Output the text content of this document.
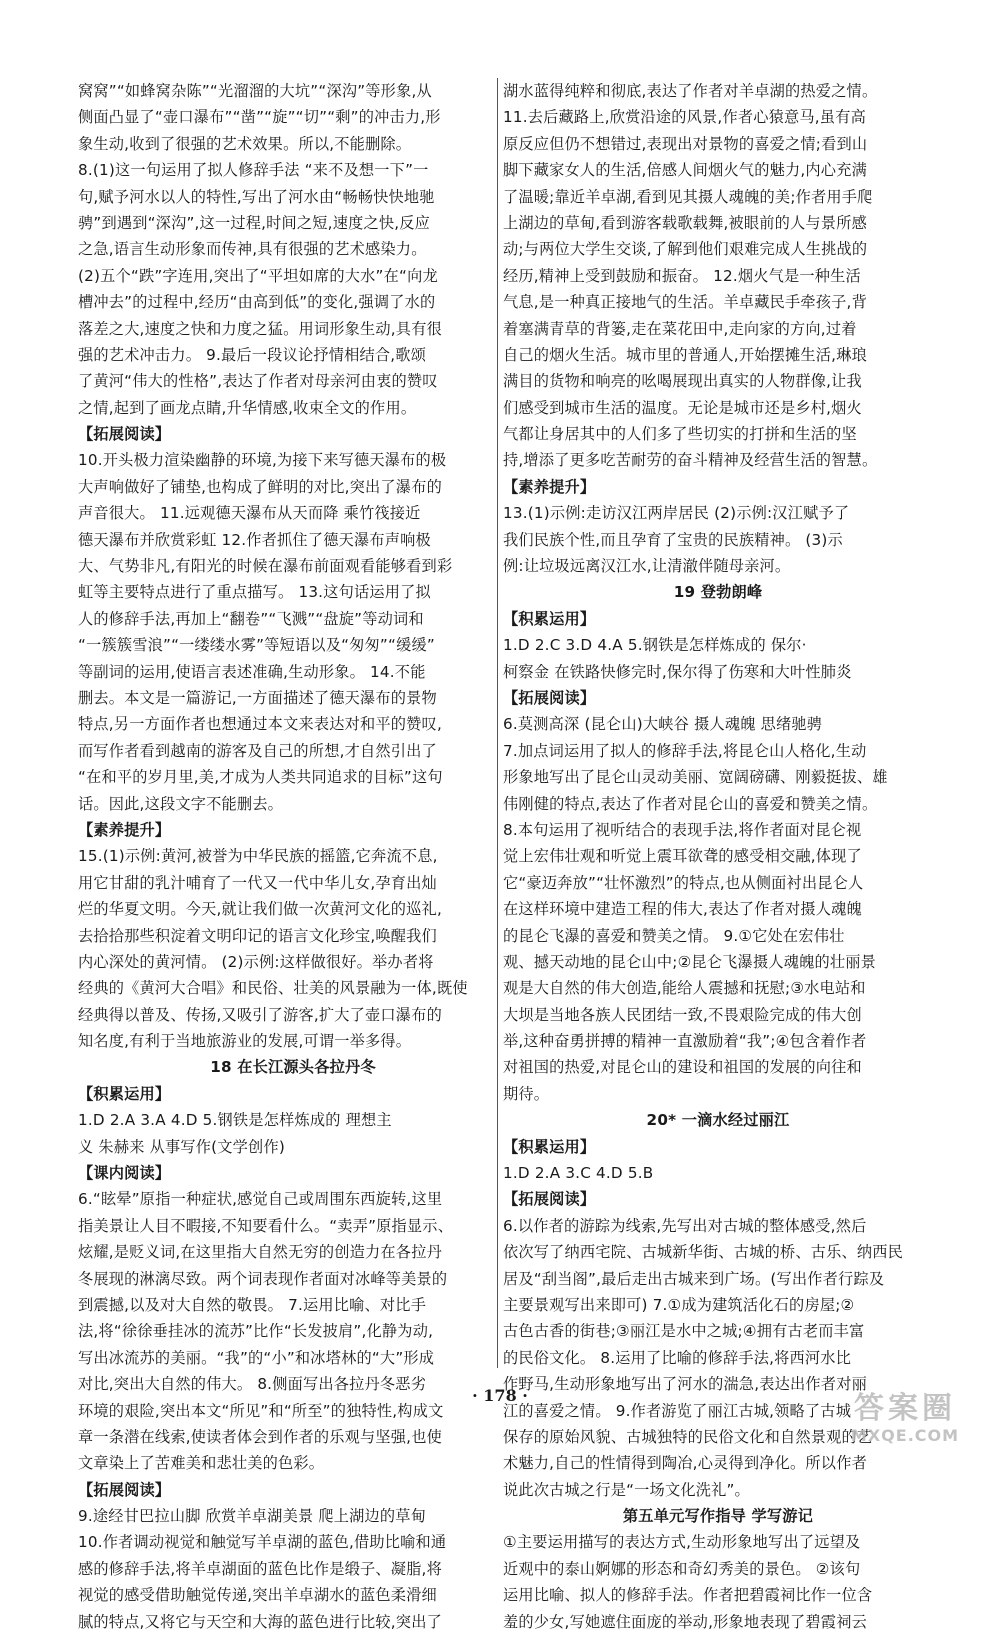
窝窝”“如蜂窝杂陈”“光溜溜的大坑”“深沟”等形象,从
侧面凸显了“壶口瀑布”“凿”“旋”“切”“剩”的冲击力,形
象生动,收到了很强的艺术效果。所以,不能删除。
8.(1)这一句运用了拟人修辞手法 “来不及想一下”一
句,赋予河水以人的特性,写出了河水由“畅畅快快地驰
骋”到遇到“深沟”,这一过程,时间之短,速度之快,反应
之急,语言生动形象而传神,具有很强的艺术感染力。
(2)五个“跌”字连用,突出了“平坦如席的大水”在“向龙
槽冲去”的过程中,经历“由高到低”的变化,强调了水的
落差之大,速度之快和力度之猛。用词形象生动,具有很
强的艺术冲击力。 9.最后一段议论抒情相结合,歌颂
了黄河“伟大的性格”,表达了作者对母亲河由衷的赞叹
之情,起到了画龙点睛,升华情感,收束全文的作用。
【拓展阅读】
10.开头极力渲染幽静的环境,为接下来写德天瀑布的极
大声响做好了铺垫,也构成了鲜明的对比,突出了瀑布的
声音很大。 11.远观德天瀑布从天而降 乘竹筏接近
德天瀑布并欣赏彩虹 12.作者抓住了德天瀑布声响极
大、气势非凡,有阳光的时候在瀑布前面观看能够看到彩
虹等主要特点进行了重点描写。 13.这句话运用了拟
人的修辞手法,再加上“翻卷”“飞溅”“盘旋”等动词和
“一簇簇雪浪”“一缕缕水雾”等短语以及“匆匆”“缓缓”
等副词的运用,使语言表述准确,生动形象。 14.不能
删去。本文是一篇游记,一方面描述了德天瀑布的景物
特点,另一方面作者也想通过本文来表达对和平的赞叹,
而写作者看到越南的游客及自己的所想,才自然引出了
“在和平的岁月里,美,才成为人类共同追求的目标”这句
话。因此,这段文字不能删去。
【素养提升】
15.(1)示例:黄河,被誉为中华民族的摇篮,它奔流不息,
用它甘甜的乳汁哺育了一代又一代中华儿女,孕育出灿
烂的华夏文明。今天,就让我们做一次黄河文化的巡礼,
去拾拾那些积淀着文明印记的语言文化珍宝,唤醒我们
内心深处的黄河情。 (2)示例:这样做很好。举办者将
经典的《黄河大合唱》和民俗、壮美的风景融为一体,既使
经典得以普及、传扬,又吸引了游客,扩大了壶口瀑布的
知名度,有利于当地旅游业的发展,可谓一举多得。
18 在长江源头各拉丹冬
【积累运用】
1.D 2.A 3.A 4.D 5.钢铁是怎样炼成的 理想主
义 朱赫来 从事写作(文学创作)
【课内阅读】
6.“眩晕”原指一种症状,感觉自己或周围东西旋转,这里
指美景让人目不暇接,不知要看什么。“卖弄”原指显示、
炫耀,是贬义词,在这里指大自然无穷的创造力在各拉丹
冬展现的淋漓尽致。两个词表现作者面对冰峰等美景的
到震撼,以及对大自然的敬畏。 7.运用比喻、对比手
法,将“徐徐垂挂冰的流苏”比作“长发披肩”,化静为动,
写出冰流苏的美丽。“我”的“小”和冰塔林的“大”形成
对比,突出大自然的伟大。 8.侧面写出各拉丹冬恶劣
环境的艰险,突出本文“所见”和“所至”的独特性,构成文
章一条潜在线索,使读者体会到作者的乐观与坚强,也使
文章染上了苦难美和悲壮美的色彩。
【拓展阅读】
9.途经甘巴拉山脚 欣赏羊卓湖美景 爬上湖边的草甸
10.作者调动视觉和触觉写羊卓湖的蓝色,借助比喻和通
感的修辞手法,将羊卓湖面的蓝色比作是缎子、凝脂,将
视觉的感受借助触觉传递,突出羊卓湖水的蓝色柔滑细
腻的特点,又将它与天空和大海的蓝色进行比较,突出了
湖水蓝得纯粹和彻底,表达了作者对羊卓湖的热爱之情。
11.去后藏路上,欣赏沿途的风景,作者心猿意马,虽有高
原反应但仍不想错过,表现出对景物的喜爱之情;看到山
脚下藏家女人的生活,倍感人间烟火气的魅力,内心充满
了温暖;靠近羊卓湖,看到见其摄人魂魄的美;作者用手爬
上湖边的草甸,看到游客载歌载舞,被眼前的人与景所感
动;与两位大学生交谈,了解到他们艰难完成人生挑战的
经历,精神上受到鼓励和振奋。 12.烟火气是一种生活
气息,是一种真正接地气的生活。羊卓藏民手牵孩子,背
着塞满青草的背篓,走在菜花田中,走向家的方向,过着
自己的烟火生活。城市里的普通人,开始摆摊生活,琳琅
满目的货物和响亮的吆喝展现出真实的人物群像,让我
们感受到城市生活的温度。无论是城市还是乡村,烟火
气都让身居其中的人们多了些切实的打拼和生活的坚
持,增添了更多吃苦耐劳的奋斗精神及经营生活的智慧。
【素养提升】
13.(1)示例:走访汉江两岸居民 (2)示例:汉江赋予了
我们民族个性,而且孕育了宝贵的民族精神。 (3)示
例:让垃圾远离汉江水,让清澈伴随母亲河。
19 登勃朗峰
【积累运用】
1.D 2.C 3.D 4.A 5.钢铁是怎样炼成的 保尔·
柯察金 在铁路快修完时,保尔得了伤寒和大叶性肺炎
【拓展阅读】
6.莫测高深 (昆仑山)大峡谷 摄人魂魄 思绪驰骋
7.加点词运用了拟人的修辞手法,将昆仑山人格化,生动
形象地写出了昆仑山灵动美丽、宽阔磅礴、刚毅挺拔、雄
伟刚健的特点,表达了作者对昆仑山的喜爱和赞美之情。
8.本句运用了视听结合的表现手法,将作者面对昆仑视
觉上宏伟壮观和听觉上震耳欲聋的感受相交融,体现了
它“豪迈奔放”“壮怀激烈”的特点,也从侧面衬出昆仑人
在这样环境中建造工程的伟大,表达了作者对摄人魂魄
的昆仑飞瀑的喜爱和赞美之情。 9.①它处在宏伟壮
观、撼天动地的昆仑山中;②昆仑飞瀑摄人魂魄的壮丽景
观是大自然的伟大创造,能给人震撼和抚慰;③水电站和
大坝是当地各族人民团结一致,不畏艰险完成的伟大创
举,这种奋勇拼搏的精神一直激励着“我”;④包含着作者
对祖国的热爱,对昆仑山的建设和祖国的发展的向往和
期待。
20* 一滴水经过丽江
【积累运用】
1.D 2.A 3.C 4.D 5.B
【拓展阅读】
6.以作者的游踪为线索,先写出对古城的整体感受,然后
依次写了纳西宅院、古城新华街、古城的桥、古乐、纳西民
居及“刮当阁”,最后走出古城来到广场。(写出作者行踪及
主要景观写出来即可) 7.①成为建筑活化石的房屋;②
古色古香的街巷;③丽江是水中之城;④拥有古老而丰富
的民俗文化。 8.运用了比喻的修辞手法,将西河水比
作野马,生动形象地写出了河水的湍急,表达出作者对丽
江的喜爱之情。 9.作者游览了丽江古城,领略了古城
保存的原始风貌、古城独特的民俗文化和自然景观的艺
术魅力,自己的性情得到陶冶,心灵得到净化。所以作者
说此次古城之行是“一场文化洗礼”。
第五单元写作指导 学写游记
①主要运用描写的表达方式,生动形象地写出了远望及
近观中的泰山婀娜的形态和奇幻秀美的景色。 ②该句
运用比喻、拟人的修辞手法。作者把碧霞祠比作一位含
羞的少女,写她遮住面庞的举动,形象地表现了碧霞祠云
· 178 ·	答案圈
MXQE.COM
